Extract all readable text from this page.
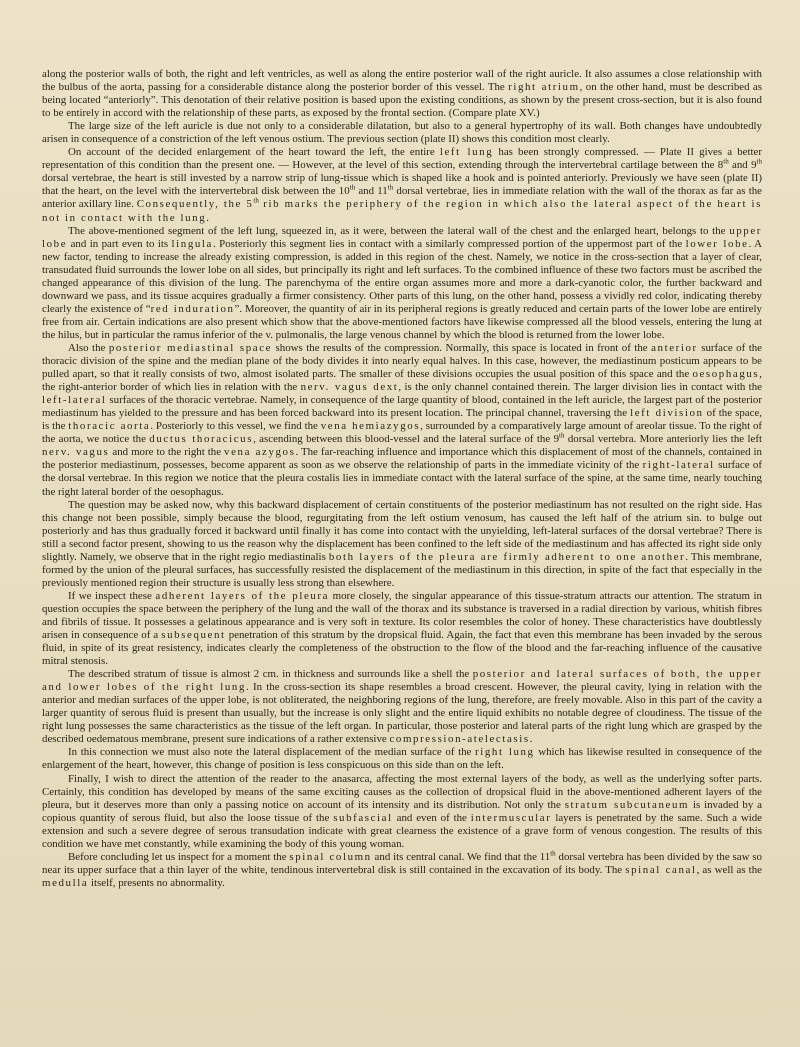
along the posterior walls of both, the right and left ventricles, as well as along the entire posterior wall of the right auricle. It also assumes a close relationship with the bulbus of the aorta, passing for a considerable distance along the posterior border of this vessel. The right atrium, on the other hand, must be described as being located “anteriorly”. This denotation of their relative position is based upon the existing conditions, as shown by the present cross-section, but it is also found to be entirely in accord with the relationship of these parts, as exposed by the frontal section. (Compare plate XV.)

The large size of the left auricle is due not only to a considerable dilatation, but also to a general hypertrophy of its wall. Both changes have undoubtedly arisen in consequence of a constriction of the left venous ostium. The previous section (plate II) shows this condition most clearly.

On account of the decided enlargement of the heart toward the left, the entire left lung has been strongly compressed. — Plate II gives a better representation of this condition than the present one. — However, at the level of this section, extending through the intervertebral cartilage between the 8th and 9th dorsal vertebrae, the heart is still invested by a narrow strip of lung-tissue which is shaped like a hook and is pointed anteriorly. Previously we have seen (plate II) that the heart, on the level with the intervertebral disk between the 10th and 11th dorsal vertebrae, lies in immediate relation with the wall of the thorax as far as the anterior axillary line. Consequently, the 5th rib marks the periphery of the region in which also the lateral aspect of the heart is not in contact with the lung.

The above-mentioned segment of the left lung, squeezed in, as it were, between the lateral wall of the chest and the enlarged heart, belongs to the upper lobe and in part even to its lingula. Posteriorly this segment lies in contact with a similarly compressed portion of the uppermost part of the lower lobe. A new factor, tending to increase the already existing compression, is added in this region of the chest. Namely, we notice in the cross-section that a layer of clear, transudated fluid surrounds the lower lobe on all sides, but principally its right and left surfaces. To the combined influence of these two factors must be ascribed the changed appearance of this division of the lung. The parenchyma of the entire organ assumes more and more a dark-cyanotic color, the further backward and downward we pass, and its tissue acquires gradually a firmer consistency. Other parts of this lung, on the other hand, possess a vividly red color, indicating thereby clearly the existence of “red induration”. Moreover, the quantity of air in its peripheral regions is greatly reduced and certain parts of the lower lobe are entirely free from air. Certain indications are also present which show that the above-mentioned factors have likewise compressed all the blood vessels, entering the lung at the hilus, but in particular the ramus inferior of the v. pulmonalis, the large venous channel by which the blood is returned from the lower lobe.

Also the posterior mediastinal space shows the results of the compression. Normally, this space is located in front of the anterior surface of the thoracic division of the spine and the median plane of the body divides it into nearly equal halves. In this case, however, the mediastinum posticum appears to be pulled apart, so that it really consists of two, almost isolated parts. The smaller of these divisions occupies the usual position of this space and the oesophagus, the right-anterior border of which lies in relation with the nerv. vagus dext, is the only channel contained therein. The larger division lies in contact with the left-lateral surfaces of the thoracic vertebrae. Namely, in consequence of the large quantity of blood, contained in the left auricle, the largest part of the posterior mediastinum has yielded to the pressure and has been forced backward into its present location. The principal channel, traversing the left division of the space, is the thoracic aorta. Posteriorly to this vessel, we find the vena hemiazygos, surrounded by a comparatively large amount of areolar tissue. To the right of the aorta, we notice the ductus thoracicus, ascending between this blood-vessel and the lateral surface of the 9th dorsal vertebra. More anteriorly lies the left nerv. vagus and more to the right the vena azygos. The far-reaching influence and importance which this displacement of most of the channels, contained in the posterior mediastinum, possesses, become apparent as soon as we observe the relationship of parts in the immediate vicinity of the right-lateral surface of the dorsal vertebrae. In this region we notice that the pleura costalis lies in immediate contact with the lateral surface of the spine, at the same time, nearly touching the right lateral border of the oesophagus.

The question may be asked now, why this backward displacement of certain constituents of the posterior mediastinum has not resulted on the right side. Has this change not been possible, simply because the blood, regurgitating from the left ostium venosum, has caused the left half of the atrium sin. to bulge out posteriorly and has thus gradually forced it backward until finally it has come into contact with the unyielding, left-lateral surfaces of the dorsal vertebrae? There is still a second factor present, showing to us the reason why the displacement has been confined to the left side of the mediastinum and has affected its right side only slightly. Namely, we observe that in the right regio mediastinalis both layers of the pleura are firmly adherent to one another. This membrane, formed by the union of the pleural surfaces, has successfully resisted the displacement of the mediastinum in this direction, in spite of the fact that especially in the previously mentioned region their structure is usually less strong than elsewhere.

If we inspect these adherent layers of the pleura more closely, the singular appearance of this tissue-stratum attracts our attention. The stratum in question occupies the space between the periphery of the lung and the wall of the thorax and its substance is traversed in a radial direction by various, whitish fibres and fibrils of tissue. It possesses a gelatinous appearance and is very soft in texture. Its color resembles the color of honey. These characteristics have doubtlessly arisen in consequence of a subsequent penetration of this stratum by the dropsical fluid. Again, the fact that even this membrane has been invaded by the serous fluid, in spite of its great resistency, indicates clearly the completeness of the obstruction to the flow of the blood and the far-reaching influence of the causative mitral stenosis.

The described stratum of tissue is almost 2 cm. in thickness and surrounds like a shell the posterior and lateral surfaces of both, the upper and lower lobes of the right lung. In the cross-section its shape resembles a broad crescent. However, the pleural cavity, lying in relation with the anterior and median surfaces of the upper lobe, is not obliterated, the neighboring regions of the lung, therefore, are freely movable. Also in this part of the cavity a larger quantity of serous fluid is present than usually, but the increase is only slight and the entire liquid exhibits no notable degree of cloudiness. The tissue of the right lung possesses the same characteristics as the tissue of the left organ. In particular, those posterior and lateral parts of the right lung which are grasped by the described oedematous membrane, present sure indications of a rather extensive compression-atelectasis.

In this connection we must also note the lateral displacement of the median surface of the right lung which has likewise resulted in consequence of the enlargement of the heart, however, this change of position is less conspicuous on this side than on the left.

Finally, I wish to direct the attention of the reader to the anasarca, affecting the most external layers of the body, as well as the underlying softer parts. Certainly, this condition has developed by means of the same exciting causes as the collection of dropsical fluid in the above-mentioned adherent layers of the pleura, but it deserves more than only a passing notice on account of its intensity and its distribution. Not only the stratum subcutaneum is invaded by a copious quantity of serous fluid, but also the loose tissue of the subfascial and even of the intermuscular layers is penetrated by the same. Such a wide extension and such a severe degree of serous transudation indicate with great clearness the existence of a grave form of venous congestion. The results of this condition we have met constantly, while examining the body of this young woman.

Before concluding let us inspect for a moment the spinal column and its central canal. We find that the 11th dorsal vertebra has been divided by the saw so near its upper surface that a thin layer of the white, tendinous intervertebral disk is still contained in the excavation of its body. The spinal canal, as well as the medulla itself, presents no abnormality.
